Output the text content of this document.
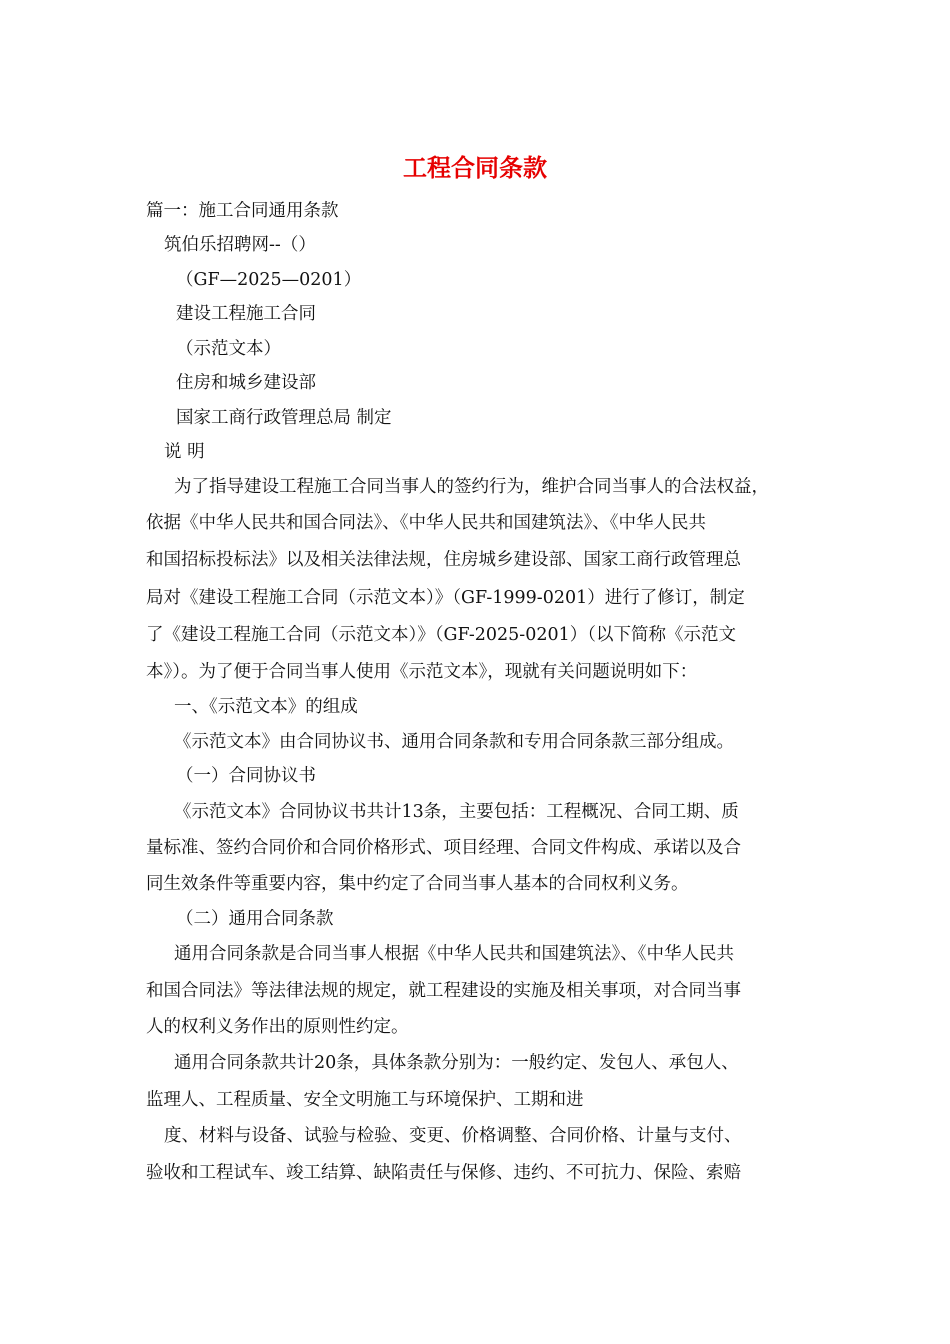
工程合同条款
篇一：施工合同通用条款
筑伯乐招聘网--（）
（GF—2025—0201）
建设工程施工合同
（示范文本）
住房和城乡建设部
国家工商行政管理总局 制定
说 明
为了指导建设工程施工合同当事人的签约行为，维护合同当事人的合法权益，
依据《中华人民共和国合同法》、《中华人民共和国建筑法》、《中华人民共
和国招标投标法》以及相关法律法规，住房城乡建设部、国家工商行政管理总
局对《建设工程施工合同（示范文本）》（GF-1999-0201）进行了修订，制定
了《建设工程施工合同（示范文本）》（GF-2025-0201）（以下简称《示范文
本》）。为了便于合同当事人使用《示范文本》，现就有关问题说明如下：
一、《示范文本》的组成
《示范文本》由合同协议书、通用合同条款和专用合同条款三部分组成。
（一）合同协议书
《示范文本》合同协议书共计13条，主要包括：工程概况、合同工期、质
量标准、签约合同价和合同价格形式、项目经理、合同文件构成、承诺以及合
同生效条件等重要内容，集中约定了合同当事人基本的合同权利义务。
（二）通用合同条款
通用合同条款是合同当事人根据《中华人民共和国建筑法》、《中华人民共
和国合同法》等法律法规的规定，就工程建设的实施及相关事项，对合同当事
人的权利义务作出的原则性约定。
通用合同条款共计20条，具体条款分别为：一般约定、发包人、承包人、
监理人、工程质量、安全文明施工与环境保护、工期和进
度、材料与设备、试验与检验、变更、价格调整、合同价格、计量与支付、
验收和工程试车、竣工结算、缺陷责任与保修、违约、不可抗力、保险、索赔
